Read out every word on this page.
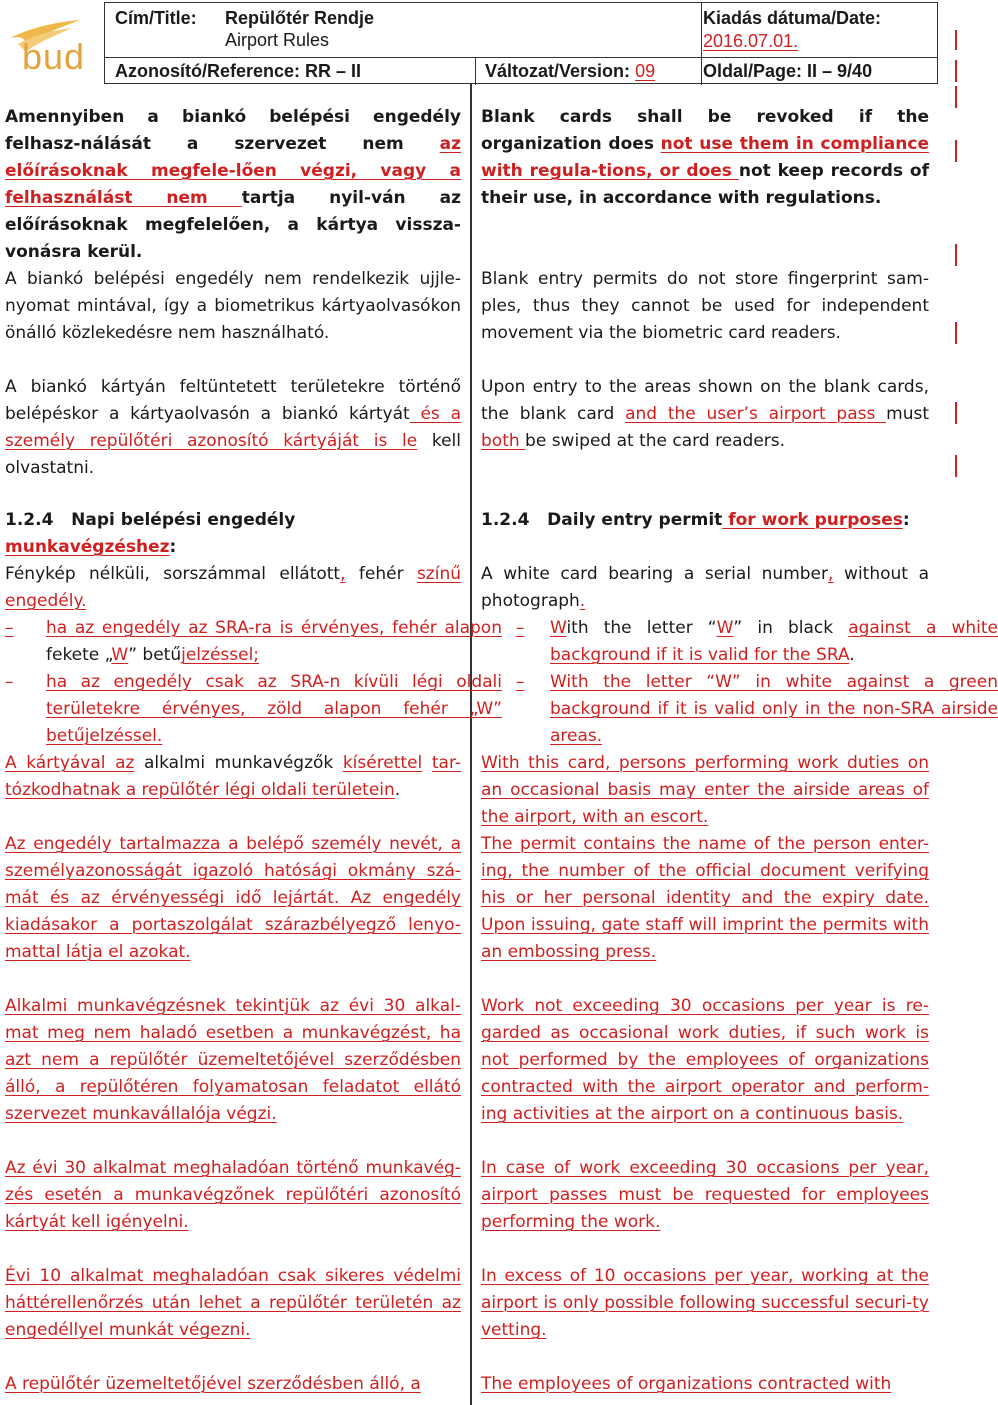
bud
Cím/Title: Repülőtér Rendje
Airport Rules
Kiadás dátuma/Date:
2016.07.01.
Azonosító/Reference: RR – II	Változat/Version: 09	Oldal/Page: II – 9/40

Amennyiben a biankó belépési engedély felhasz-nálását a szervezet nem az előírásoknak megfele-lően végzi, vagy a felhasználást nem tartja nyil-ván az előírásoknak megfelelően, a kártya vissza-vonásra kerül.

A biankó belépési engedély nem rendelkezik ujjle-nyomat mintával, így a biometrikus kártyaolvasókon önálló közlekedésre nem használható.

A biankó kártyán feltüntetett területekre történő belépéskor a kártyaolvasón a biankó kártyát és a személy repülőtéri azonosító kártyáját is le kell olvastatni.

1.2.4 Napi belépési engedély munkavégzéshez:

Fénykép nélküli, sorszámmal ellátott, fehér színű engedély.

– ha az engedély az SRA-ra is érvényes, fehér alapon fekete „W” betűjelzéssel;

– ha az engedély csak az SRA-n kívüli légi oldali területekre érvényes, zöld alapon fehér „W” betűjelzéssel.

A kártyával az alkalmi munkavégzők kísérettel tar-tózkodhatnak a repülőtér légi oldali területein.

Az engedély tartalmazza a belépő személy nevét, a személyazonosságát igazoló hatósági okmány szá-mát és az érvényességi idő lejártát. Az engedély kiadásakor a portaszolgálat szárazbélyegző lenyo-mattal látja el azokat.

Alkalmi munkavégzésnek tekintjük az évi 30 alkal-mat meg nem haladó esetben a munkavégzést, ha azt nem a repülőtér üzemeltetőjével szerződésben álló, a repülőtéren folyamatosan feladatot ellátó szervezet munkavállalója végzi.

Az évi 30 alkalmat meghaladóan történő munkavég-zés esetén a munkavégzőnek repülőtéri azonosító kártyát kell igényelni.

Évi 10 alkalmat meghaladóan csak sikeres védelmi háttérellenőrzés után lehet a repülőtér területén az engedéllyel munkát végezni.

A repülőtér üzemeltetőjével szerződésben álló, a

Blank cards shall be revoked if the organization does not use them in compliance with regula-tions, or does not keep records of their use, in accordance with regulations.

Blank entry permits do not store fingerprint sam-ples, thus they cannot be used for independent movement via the biometric card readers.

Upon entry to the areas shown on the blank cards, the blank card and the user’s airport pass must both be swiped at the card readers.

1.2.4 Daily entry permit for work purposes:

A white card bearing a serial number, without a photograph.

– With the letter “W” in black against a white background if it is valid for the SRA.

– With the letter “W” in white against a green background if it is valid only in the non-SRA airside areas.

With this card, persons performing work duties on an occasional basis may enter the airside areas of the airport, with an escort.

The permit contains the name of the person enter-ing, the number of the official document verifying his or her personal identity and the expiry date. Upon issuing, gate staff will imprint the permits with an embossing press.

Work not exceeding 30 occasions per year is re-garded as occasional work duties, if such work is not performed by the employees of organizations contracted with the airport operator and perform-ing activities at the airport on a continuous basis.

In case of work exceeding 30 occasions per year, airport passes must be requested for employees performing the work.

In excess of 10 occasions per year, working at the airport is only possible following successful securi-ty vetting.

The employees of organizations contracted with
